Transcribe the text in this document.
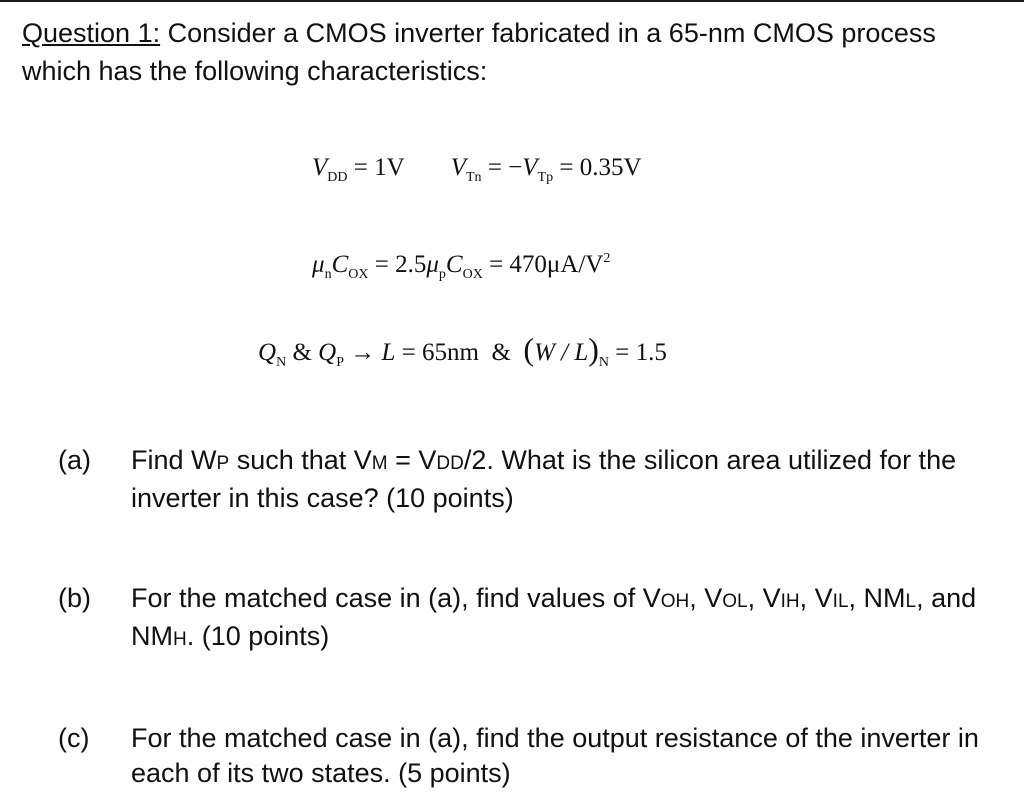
Question 1: Consider a CMOS inverter fabricated in a 65-nm CMOS process which has the following characteristics:
$V_{DD} = 1V$ $V_{Tn} = -V_{Tp} = 0.35V$
$\mu_nC_{OX} = 2.5\mu_pC_{OX} = 470\mu A/V^2$
$Q_N$ & $Q_P \to L = 65nm$  &  $(W / L)_N = 1.5$
(a) Find WP such that VM = VDD/2. What is the silicon area utilized for the inverter in this case? (10 points)
(b) For the matched case in (a), find values of VOH, VOL, VIH, VIL, NML, and NMH. (10 points)
(c) For the matched case in (a), find the output resistance of the inverter in each of its two states. (5 points)
